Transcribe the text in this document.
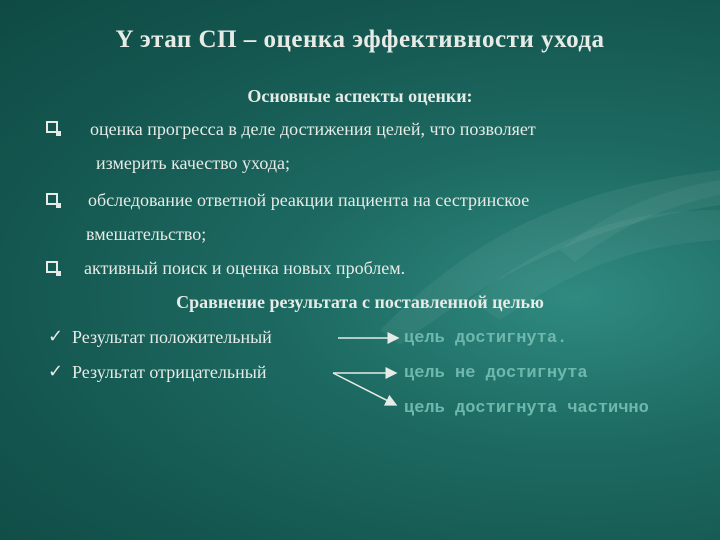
Y этап СП – оценка эффективности ухода
Основные аспекты оценки:
оценка прогресса в деле достижения целей, что позволяет
измерить качество ухода;
обследование ответной реакции пациента на сестринское
вмешательство;
активный поиск и оценка новых проблем.
Сравнение результата с поставленной целью
✓ Результат положительный
✓ Результат отрицательный
цель достигнута.
цель не достигнута
цель достигнута частично
